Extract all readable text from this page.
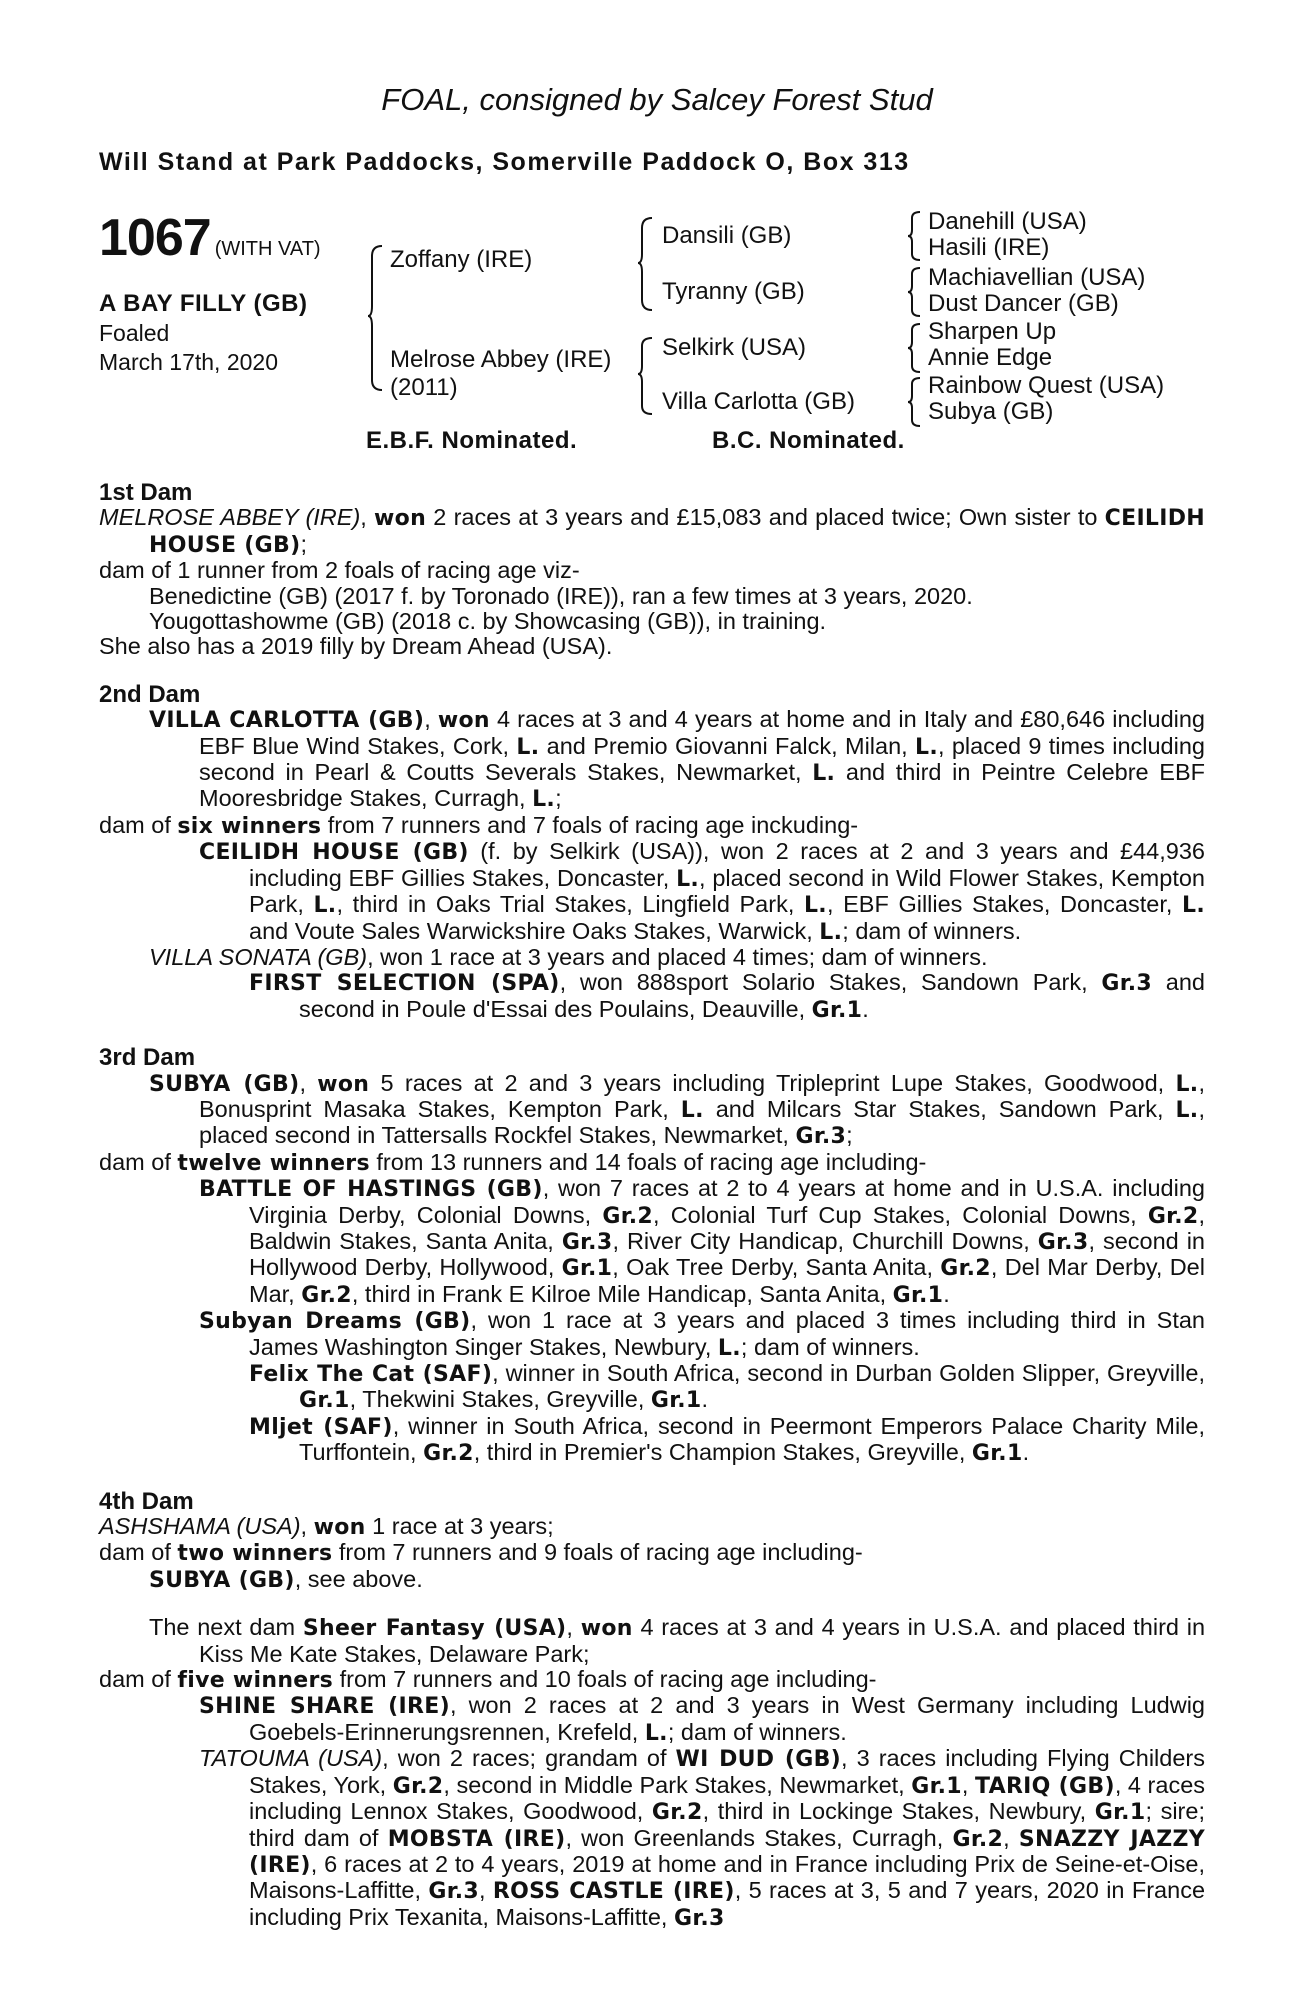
FOAL, consigned by Salcey Forest Stud
Will Stand at Park Paddocks, Somerville Paddock O, Box 313
1067 (WITH VAT)
A BAY FILLY (GB)
Foaled
March 17th, 2020
Zoffany (IRE)
Melrose Abbey (IRE)
(2011)
Dansili (GB)
Tyranny (GB)
Selkirk (USA)
Villa Carlotta (GB)
Danehill (USA)
Hasili (IRE)
Machiavellian (USA)
Dust Dancer (GB)
Sharpen Up
Annie Edge
Rainbow Quest (USA)
Subya (GB)
E.B.F. Nominated.	B.C. Nominated.
1st Dam
MELROSE ABBEY (IRE), won 2 races at 3 years and £15,083 and placed twice; Own sister to CEILIDH HOUSE (GB);
dam of 1 runner from 2 foals of racing age viz-
Benedictine (GB) (2017 f. by Toronado (IRE)), ran a few times at 3 years, 2020.
Yougottashowme (GB) (2018 c. by Showcasing (GB)), in training.
She also has a 2019 filly by Dream Ahead (USA).
2nd Dam
VILLA CARLOTTA (GB), won 4 races at 3 and 4 years at home and in Italy and £80,646 including EBF Blue Wind Stakes, Cork, L. and Premio Giovanni Falck, Milan, L., placed 9 times including second in Pearl & Coutts Severals Stakes, Newmarket, L. and third in Peintre Celebre EBF Mooresbridge Stakes, Curragh, L.;
dam of six winners from 7 runners and 7 foals of racing age inckuding-
CEILIDH HOUSE (GB) (f. by Selkirk (USA)), won 2 races at 2 and 3 years and £44,936 including EBF Gillies Stakes, Doncaster, L., placed second in Wild Flower Stakes, Kempton Park, L., third in Oaks Trial Stakes, Lingfield Park, L., EBF Gillies Stakes, Doncaster, L. and Voute Sales Warwickshire Oaks Stakes, Warwick, L.; dam of winners.
VILLA SONATA (GB), won 1 race at 3 years and placed 4 times; dam of winners.
FIRST SELECTION (SPA), won 888sport Solario Stakes, Sandown Park, Gr.3 and second in Poule d'Essai des Poulains, Deauville, Gr.1.
3rd Dam
SUBYA (GB), won 5 races at 2 and 3 years including Tripleprint Lupe Stakes, Goodwood, L., Bonusprint Masaka Stakes, Kempton Park, L. and Milcars Star Stakes, Sandown Park, L., placed second in Tattersalls Rockfel Stakes, Newmarket, Gr.3;
dam of twelve winners from 13 runners and 14 foals of racing age including-
BATTLE OF HASTINGS (GB), won 7 races at 2 to 4 years at home and in U.S.A. including Virginia Derby, Colonial Downs, Gr.2, Colonial Turf Cup Stakes, Colonial Downs, Gr.2, Baldwin Stakes, Santa Anita, Gr.3, River City Handicap, Churchill Downs, Gr.3, second in Hollywood Derby, Hollywood, Gr.1, Oak Tree Derby, Santa Anita, Gr.2, Del Mar Derby, Del Mar, Gr.2, third in Frank E Kilroe Mile Handicap, Santa Anita, Gr.1.
Subyan Dreams (GB), won 1 race at 3 years and placed 3 times including third in Stan James Washington Singer Stakes, Newbury, L.; dam of winners.
Felix The Cat (SAF), winner in South Africa, second in Durban Golden Slipper, Greyville, Gr.1, Thekwini Stakes, Greyville, Gr.1.
Mljet (SAF), winner in South Africa, second in Peermont Emperors Palace Charity Mile, Turffontein, Gr.2, third in Premier's Champion Stakes, Greyville, Gr.1.
4th Dam
ASHSHAMA (USA), won 1 race at 3 years;
dam of two winners from 7 runners and 9 foals of racing age including-
SUBYA (GB), see above.
The next dam Sheer Fantasy (USA), won 4 races at 3 and 4 years in U.S.A. and placed third in Kiss Me Kate Stakes, Delaware Park;
dam of five winners from 7 runners and 10 foals of racing age including-
SHINE SHARE (IRE), won 2 races at 2 and 3 years in West Germany including Ludwig Goebels-Erinnerungsrennen, Krefeld, L.; dam of winners.
TATOUMA (USA), won 2 races; grandam of WI DUD (GB), 3 races including Flying Childers Stakes, York, Gr.2, second in Middle Park Stakes, Newmarket, Gr.1, TARIQ (GB), 4 races including Lennox Stakes, Goodwood, Gr.2, third in Lockinge Stakes, Newbury, Gr.1; sire; third dam of MOBSTA (IRE), won Greenlands Stakes, Curragh, Gr.2, SNAZZY JAZZY (IRE), 6 races at 2 to 4 years, 2019 at home and in France including Prix de Seine-et-Oise, Maisons-Laffitte, Gr.3, ROSS CASTLE (IRE), 5 races at 3, 5 and 7 years, 2020 in France including Prix Texanita, Maisons-Laffitte, Gr.3
